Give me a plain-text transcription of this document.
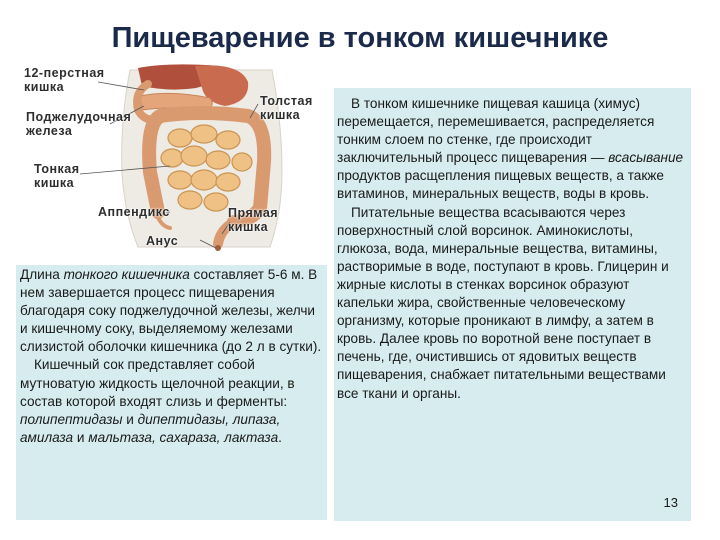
Пищеварение в тонком кишечнике
12-перстная
кишка
Поджелудочная
железа
Тонкая
кишка
Толстая
кишка
Аппендикс	Прямая
кишка
Анус

Длина тонкого кишечника составляет 5-6 м. В нем завершается процесс пищеварения благодаря соку поджелудочной железы, желчи и кишечному соку, выделяемому железами слизистой оболочки кишечника (до 2 л в сутки).

Кишечный сок представляет собой мутноватую жидкость щелочной реакции, в состав которой входят слизь и ферменты: полипептидазы и дипептидазы, липаза, амилаза и мальтаза, сахараза, лактаза.

В тонком кишечнике пищевая кашица (химус) перемещается, перемешивается, распределяется тонким слоем по стенке, где происходит заключительный процесс пищеварения — всасывание продуктов расщепления пищевых веществ, а также витаминов, минеральных веществ, воды в кровь.

Питательные вещества всасываются через поверхностный слой ворсинок. Аминокислоты, глюкоза, вода, минеральные вещества, витамины, растворимые в воде, поступают в кровь. Глицерин и жирные кислоты в стенках ворсинок образуют капельки жира, свойственные человеческому организму, которые проникают в лимфу, а затем в кровь. Далее кровь по воротной вене поступает в печень, где, очистившись от ядовитых веществ пищеварения, снабжает питательными веществами все ткани и органы.

13
